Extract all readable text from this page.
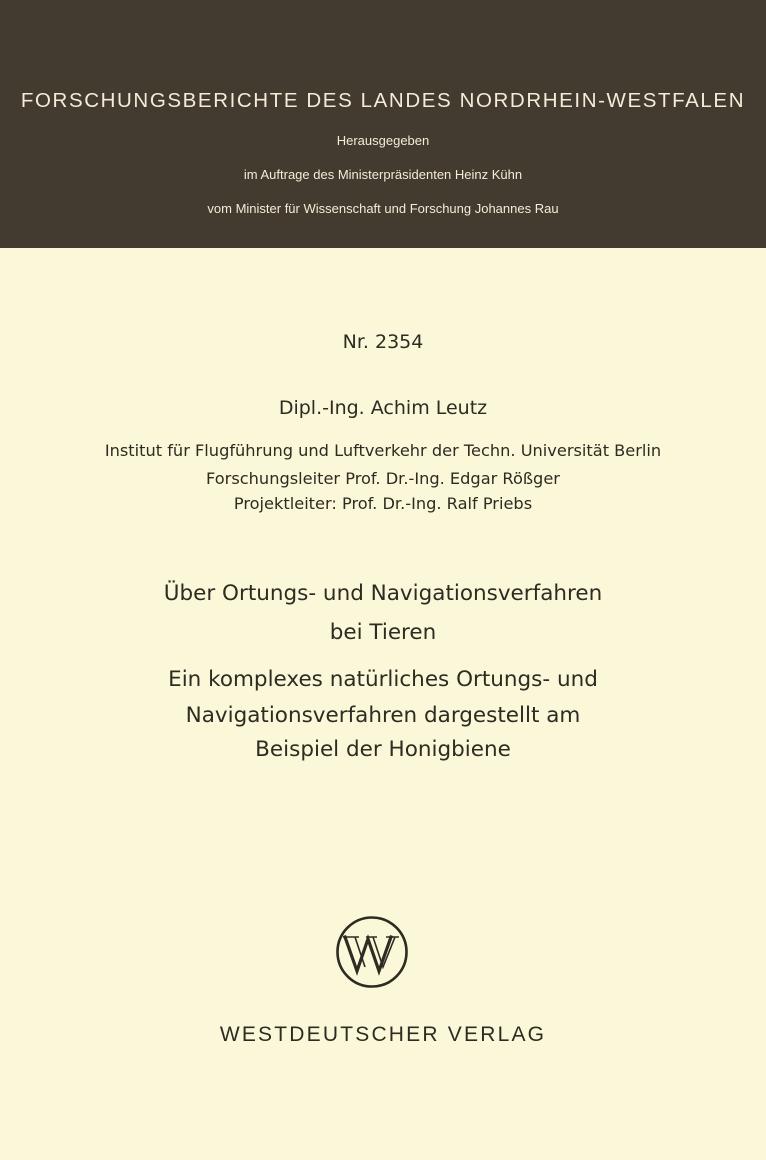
FORSCHUNGSBERICHTE DES LANDES NORDRHEIN-WESTFALEN
Herausgegeben
im Auftrage des Ministerpräsidenten Heinz Kühn
vom Minister für Wissenschaft und Forschung Johannes Rau
Nr. 2354
Dipl.-Ing. Achim Leutz
Institut für Flugführung und Luftverkehr der Techn. Universität Berlin
Forschungsleiter Prof. Dr.-Ing. Edgar Rößger
Projektleiter: Prof. Dr.-Ing. Ralf Priebs
Über Ortungs- und Navigationsverfahren
bei Tieren
Ein komplexes natürliches Ortungs- und
Navigationsverfahren dargestellt am
Beispiel der Honigbiene
WESTDEUTSCHER VERLAG
